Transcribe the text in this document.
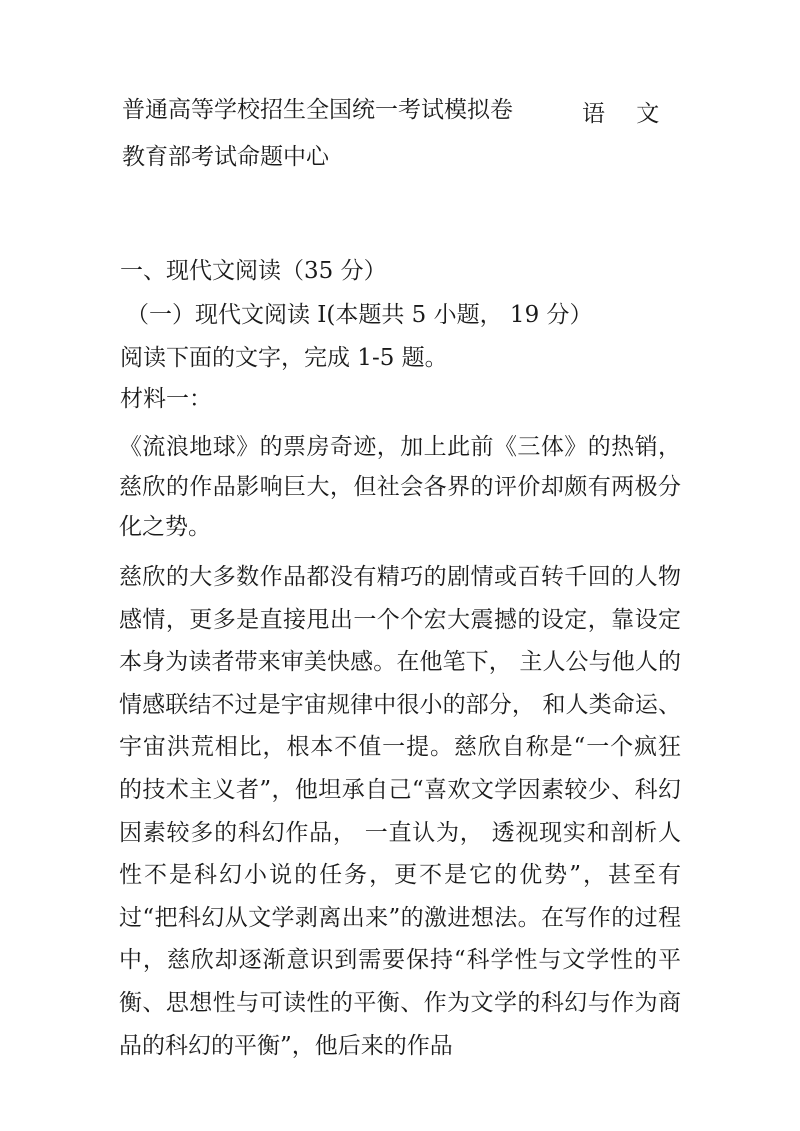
普通高等学校招生全国统一考试模拟卷	语 文
教育部考试命题中心
一、现代文阅读（35 分）
（一）现代文阅读 I(本题共 5 小题， 19 分）
阅读下面的文字，完成 1-5 题。
材料一：
《流浪地球》的票房奇迹，加上此前《三体》的热销，慈欣的作品影响巨大，但社会各界的评价却颇有两极分化之势。
慈欣的大多数作品都没有精巧的剧情或百转千回的人物感情，更多是直接甩出一个个宏大震撼的设定，靠设定本身为读者带来审美快感。在他笔下， 主人公与他人的情感联结不过是宇宙规律中很小的部分， 和人类命运、宇宙洪荒相比，根本不值一提。慈欣自称是“一个疯狂的技术主义者”，他坦承自己“喜欢文学因素较少、科幻因素较多的科幻作品， 一直认为， 透视现实和剖析人性不是科幻小说的任务，更不是它的优势”，甚至有过“把科幻从文学剥离出来”的激进想法。在写作的过程中，慈欣却逐渐意识到需要保持“科学性与文学性的平衡、思想性与可读性的平衡、作为文学的科幻与作为商品的科幻的平衡”，他后来的作品
